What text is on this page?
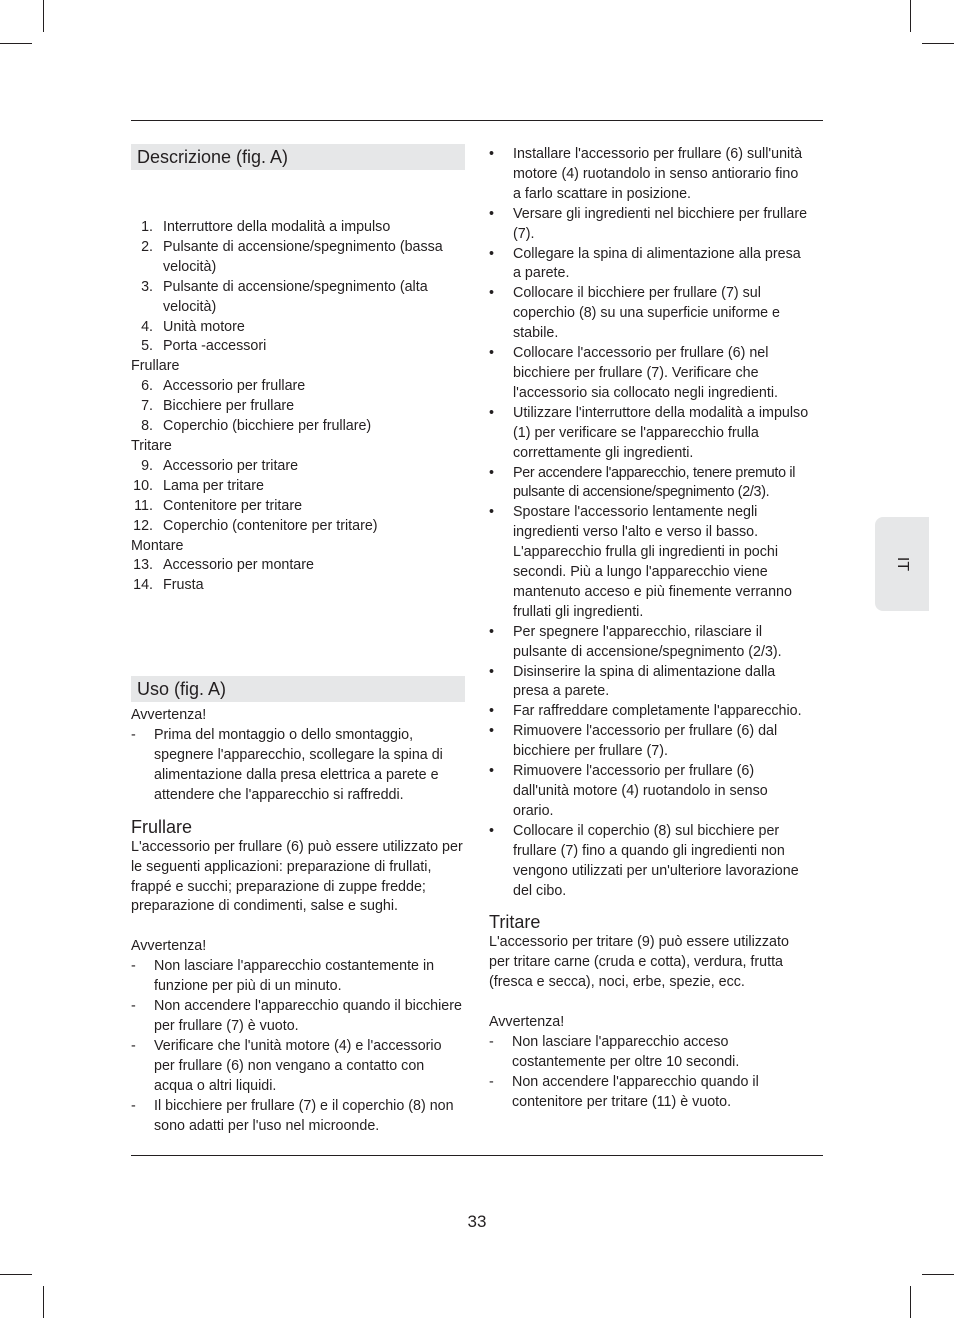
Descrizione (fig. A)
1. Interruttore della modalità a impulso
2. Pulsante di accensione/spegnimento (bassa velocità)
3. Pulsante di accensione/spegnimento (alta velocità)
4. Unità motore
5. Porta -accessori
Frullare
6. Accessorio per frullare
7. Bicchiere per frullare
8. Coperchio (bicchiere per frullare)
Tritare
9. Accessorio per tritare
10. Lama per tritare
11. Contenitore per tritare
12. Coperchio (contenitore per tritare)
Montare
13. Accessorio per montare
14. Frusta
Uso (fig. A)
Avvertenza!
- Prima del montaggio o dello smontaggio, spegnere l'apparecchio, scollegare la spina di alimentazione dalla presa elettrica a parete e attendere che l'apparecchio si raffreddi.
Frullare
L'accessorio per frullare (6) può essere utilizzato per le seguenti applicazioni: preparazione di frullati, frappé e succhi; preparazione di zuppe fredde; preparazione di condimenti, salse e sughi.
Avvertenza!
- Non lasciare l'apparecchio costantemente in funzione per più di un minuto.
- Non accendere l'apparecchio quando il bicchiere per frullare (7) è vuoto.
- Verificare che l'unità motore (4) e l'accessorio per frullare (6) non vengano a contatto con acqua o altri liquidi.
- Il bicchiere per frullare (7) e il coperchio (8) non sono adatti per l'uso nel microonde.
• Installare l'accessorio per frullare (6) sull'unità motore (4) ruotandolo in senso antiorario fino a farlo scattare in posizione.
• Versare gli ingredienti nel bicchiere per frullare (7).
• Collegare la spina di alimentazione alla presa a parete.
• Collocare il bicchiere per frullare (7) sul coperchio (8) su una superficie uniforme e stabile.
• Collocare l'accessorio per frullare (6) nel bicchiere per frullare (7). Verificare che l'accessorio sia collocato negli ingredienti.
• Utilizzare l'interruttore della modalità a impulso (1) per verificare se l'apparecchio frulla correttamente gli ingredienti.
• Per accendere l'apparecchio, tenere premuto il pulsante di accensione/spegnimento (2/3).
• Spostare l'accessorio lentamente negli ingredienti verso l'alto e verso il basso. L'apparecchio frulla gli ingredienti in pochi secondi. Più a lungo l'apparecchio viene mantenuto acceso e più finemente verranno frullati gli ingredienti.
• Per spegnere l'apparecchio, rilasciare il pulsante di accensione/spegnimento (2/3).
• Disinserire la spina di alimentazione dalla presa a parete.
• Far raffreddare completamente l'apparecchio.
• Rimuovere l'accessorio per frullare (6) dal bicchiere per frullare (7).
• Rimuovere l'accessorio per frullare (6) dall'unità motore (4) ruotandolo in senso orario.
• Collocare il coperchio (8) sul bicchiere per frullare (7) fino a quando gli ingredienti non vengono utilizzati per un'ulteriore lavorazione del cibo.
Tritare
L'accessorio per tritare (9) può essere utilizzato per tritare carne (cruda e cotta), verdura, frutta (fresca e secca), noci, erbe, spezie, ecc.
Avvertenza!
- Non lasciare l'apparecchio acceso costantemente per oltre 10 secondi.
- Non accendere l'apparecchio quando il contenitore per tritare (11) è vuoto.
IT
33
